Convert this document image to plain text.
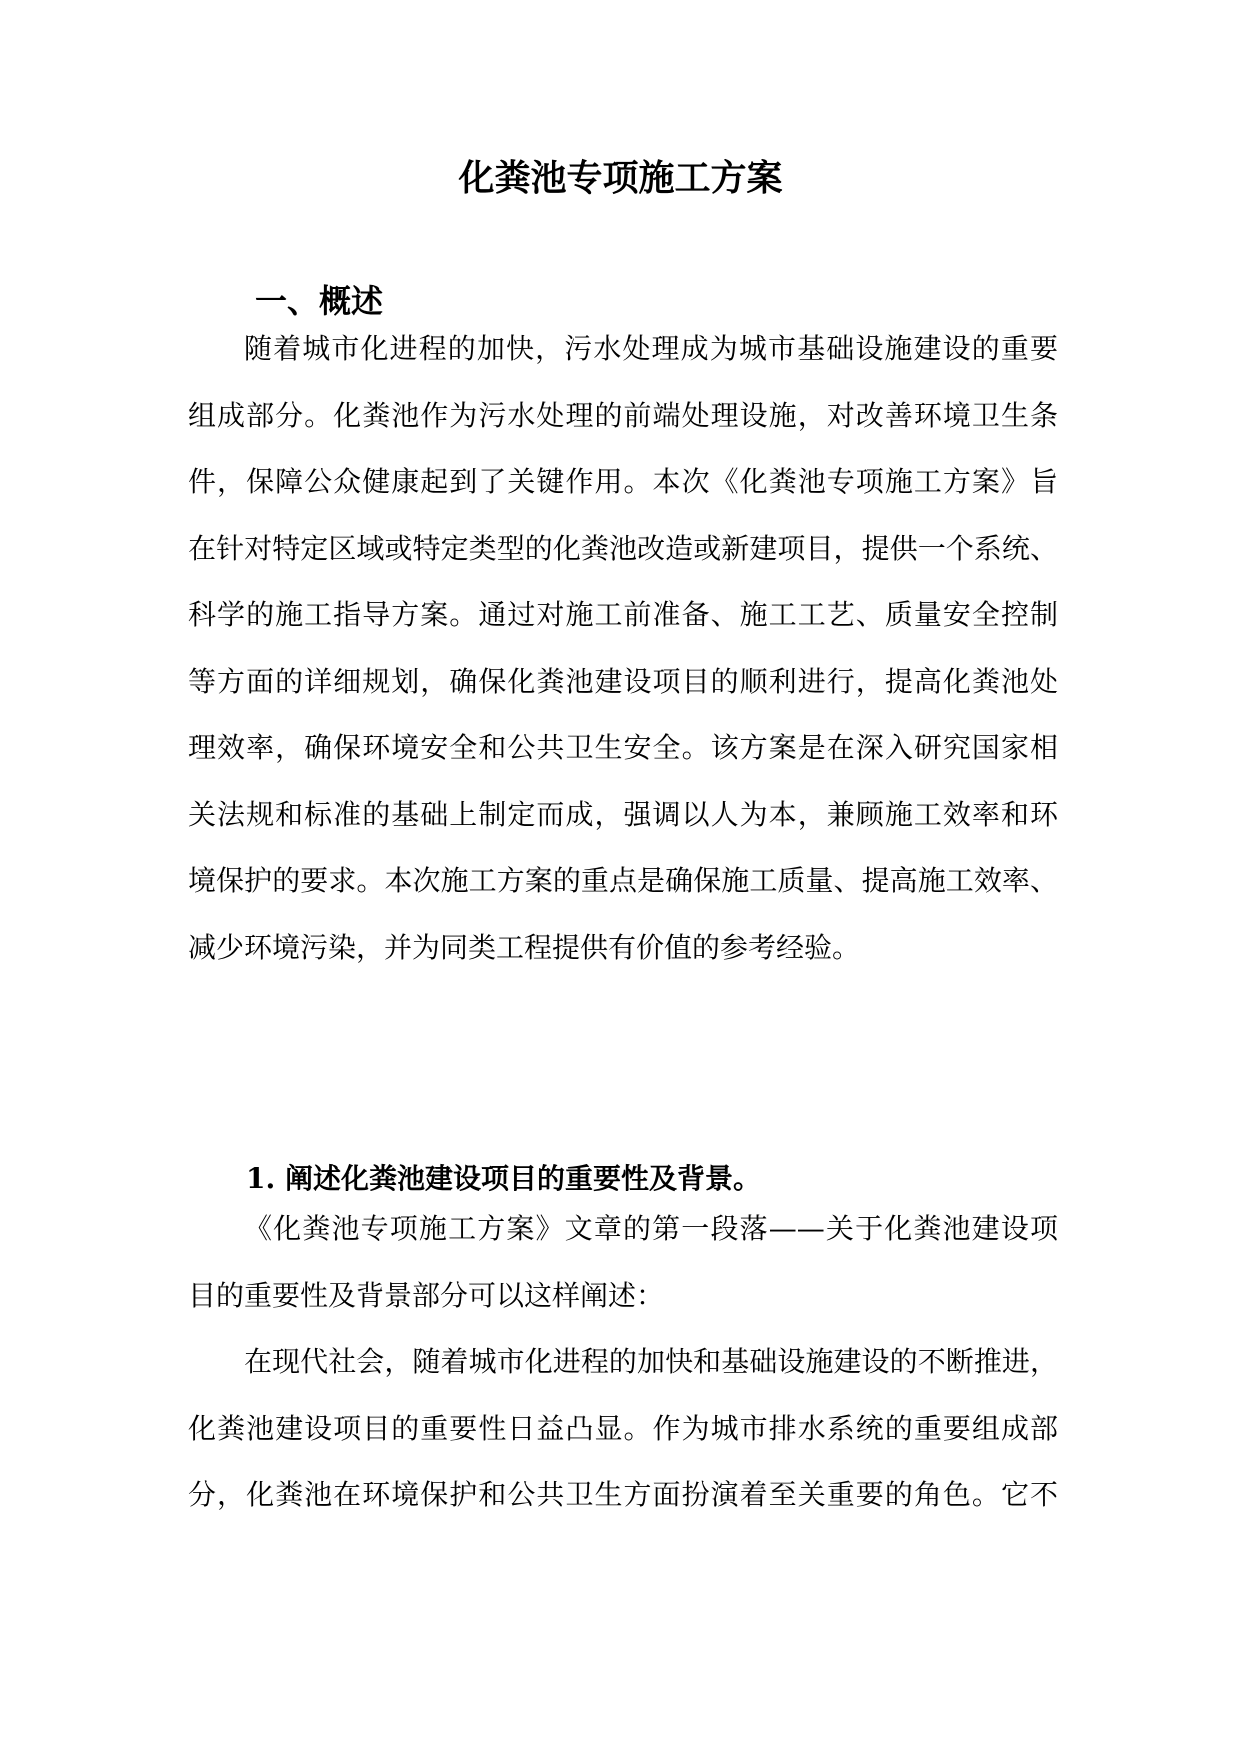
化粪池专项施工方案
一、概述
随着城市化进程的加快，污水处理成为城市基础设施建设的重要
组成部分。化粪池作为污水处理的前端处理设施，对改善环境卫生条
件，保障公众健康起到了关键作用。本次《化粪池专项施工方案》旨
在针对特定区域或特定类型的化粪池改造或新建项目，提供一个系统、
科学的施工指导方案。通过对施工前准备、施工工艺、质量安全控制
等方面的详细规划，确保化粪池建设项目的顺利进行，提高化粪池处
理效率，确保环境安全和公共卫生安全。该方案是在深入研究国家相
关法规和标准的基础上制定而成，强调以人为本，兼顾施工效率和环
境保护的要求。本次施工方案的重点是确保施工质量、提高施工效率、
减少环境污染，并为同类工程提供有价值的参考经验。
1. 阐述化粪池建设项目的重要性及背景。
《化粪池专项施工方案》文章的第一段落——关于化粪池建设项
目的重要性及背景部分可以这样阐述：
在现代社会，随着城市化进程的加快和基础设施建设的不断推进，
化粪池建设项目的重要性日益凸显。作为城市排水系统的重要组成部
分，化粪池在环境保护和公共卫生方面扮演着至关重要的角色。它不
